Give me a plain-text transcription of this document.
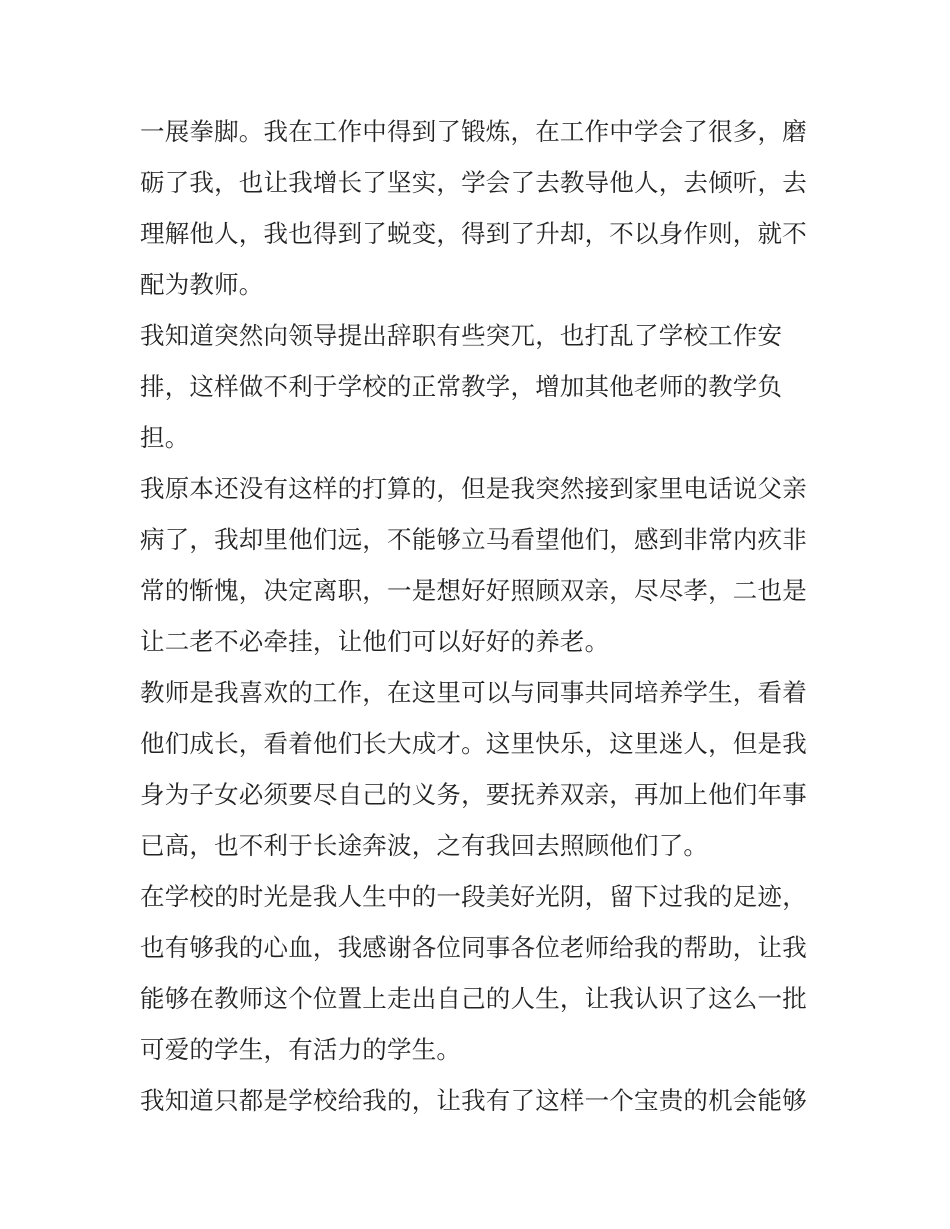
一展拳脚。我在工作中得到了锻炼，在工作中学会了很多，磨
砺了我，也让我增长了坚实，学会了去教导他人，去倾听，去
理解他人，我也得到了蜕变，得到了升却，不以身作则，就不
配为教师。
我知道突然向领导提出辞职有些突兀，也打乱了学校工作安
排，这样做不利于学校的正常教学，增加其他老师的教学负
担。
我原本还没有这样的打算的，但是我突然接到家里电话说父亲
病了，我却里他们远，不能够立马看望他们，感到非常内疚非
常的惭愧，决定离职，一是想好好照顾双亲，尽尽孝，二也是
让二老不必牵挂，让他们可以好好的养老。
教师是我喜欢的工作，在这里可以与同事共同培养学生，看着
他们成长，看着他们长大成才。这里快乐，这里迷人，但是我
身为子女必须要尽自己的义务，要抚养双亲，再加上他们年事
已高，也不利于长途奔波，之有我回去照顾他们了。
在学校的时光是我人生中的一段美好光阴，留下过我的足迹，
也有够我的心血，我感谢各位同事各位老师给我的帮助，让我
能够在教师这个位置上走出自己的人生，让我认识了这么一批
可爱的学生，有活力的学生。
我知道只都是学校给我的，让我有了这样一个宝贵的机会能够
